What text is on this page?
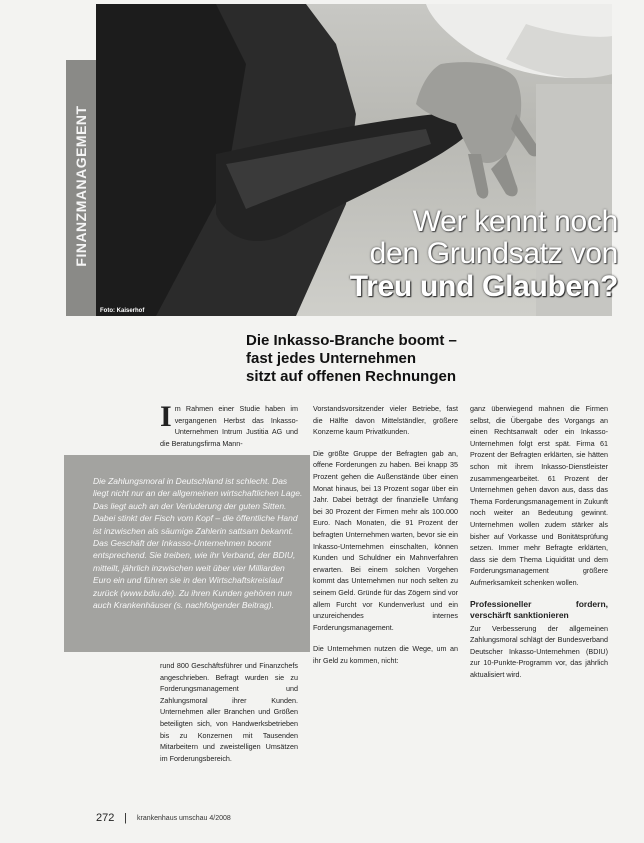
Foto: Kaiserhof
FINANZMANAGEMENT	Wer kennt noch
den Grundsatz von
Treu und Glauben?
Die Inkasso-Branche boomt –
fast jedes Unternehmen
sitzt auf offenen Rechnungen

Im Rahmen einer Studie haben im vergangenen Herbst das Inkasso-Unternehmen Intrum Justitia AG und die Beratungsfirma Mann-

Die Zahlungsmoral in Deutschland ist schlecht. Das liegt nicht nur an der allgemeinen wirtschaftlichen Lage. Das liegt auch an der Verluderung der guten Sitten. Dabei stinkt der Fisch vom Kopf – die öffentliche Hand ist inzwischen als säumige Zahlerin sattsam bekannt. Das Geschäft der Inkasso-Unternehmen boomt entsprechend. Sie treiben, wie ihr Verband, der BDIU, mitteilt, jährlich inzwischen weit über vier Milliarden Euro ein und führen sie in den Wirtschaftskreislauf zurück (www.bdiu.de). Zu ihren Kunden gehören nun auch Krankenhäuser (s. nachfolgender Beitrag).

rund 800 Geschäftsführer und Finanzchefs angeschrieben. Befragt wurden sie zu Forderungsmanagement und Zahlungsmoral ihrer Kunden. Unternehmen aller Branchen und Größen beteiligten sich, von Handwerksbetrieben bis zu Konzernen mit Tausenden Mitarbeitern und zweistelligen Umsätzen im Forderungsbereich.

Vorstandsvorsitzender vieler Betriebe, fast die Hälfte davon Mittelständler, größere Konzerne kaum Privatkunden.

Die größte Gruppe der Befragten gab an, offene Forderungen zu haben. Bei knapp 35 Prozent gehen die Außenstände über einen Monat hinaus, bei 13 Prozent sogar über ein Jahr. Dabei beträgt der finanzielle Umfang bei 30 Prozent der Firmen mehr als 100.000 Euro. Nach Monaten, die 91 Prozent der befragten Unternehmen warten, bevor sie ein Inkasso-Unternehmen einschalten, können Kunden und Schuldner ein Mahnverfahren erwarten. Bei einem solchen Vorgehen kommt das Unternehmen nur noch selten zu seinem Geld. Gründe für das Zögern sind vor allem Furcht vor Kundenverlust und ein unzureichendes internes Forderungsmanagement.

Die Unternehmen nutzen die Wege, um an ihr Geld zu kommen, nicht:

ganz überwiegend mahnen die Firmen selbst, die Übergabe des Vorgangs an einen Rechtsanwalt oder ein Inkasso-Unternehmen folgt erst spät. Firma 61 Prozent der Befragten erklärten, sie hätten schon mit ihrem Inkasso-Dienstleister zusammengearbeitet. 61 Prozent der Unternehmen gehen davon aus, dass das Thema Forderungsmanagement in Zukunft noch weiter an Bedeutung gewinnt. Unternehmen wollen zudem stärker als bisher auf Vorkasse und Bonitätsprüfung setzen. Immer mehr Befragte erklärten, dass sie dem Thema Liquidität und dem Forderungsmanagement größere Aufmerksamkeit schenken wollen.

Professioneller fordern, verschärft sanktionieren

Zur Verbesserung der allgemeinen Zahlungsmoral schlägt der Bundesverband Deutscher Inkasso-Unternehmen (BDIU) zur 10-Punkte-Programm vor, das jährlich aktualisiert wird.

272 | krankenhaus umschau 4/2008
